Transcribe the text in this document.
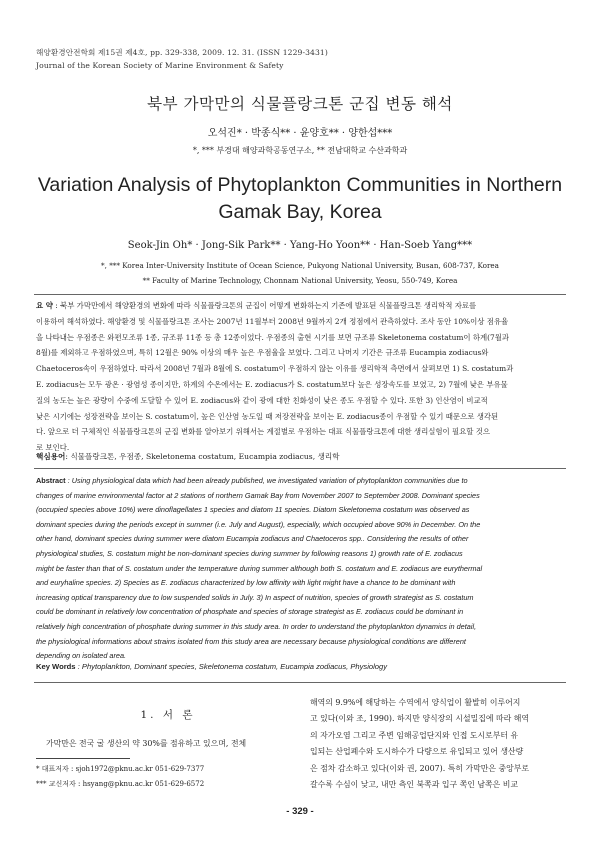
해양환경안전학회 제15권 제4호, pp. 329-338, 2009. 12. 31. (ISSN 1229-3431)
Journal of the Korean Society of Marine Environment & Safety
북부 가막만의 식물플랑크톤 군집 변동 해석
오석진* · 박종식** · 윤양호** · 양한섭***
*, *** 부경대 해양과학공동연구소, ** 전남대학교 수산과학과
Variation Analysis of Phytoplankton Communities in Northern
Gamak Bay, Korea
Seok-Jin Oh* · Jong-Sik Park** · Yang-Ho Yoon** · Han-Soeb Yang***
*, *** Korea Inter-University Institute of Ocean Science, Pukyong National University, Busan, 608-737, Korea
** Faculty of Marine Technology, Chonnam National University, Yeosu, 550-749, Korea
요 약 : 북부 가막만에서 해양환경의 변화에 따라 식물플랑크톤의 군집이 어떻게 변화하는지 기존에 발표된 식물플랑크톤 생리학적 자료를
이용하여 해석하였다. 해양환경 및 식물플랑크톤 조사는 2007년 11월부터 2008년 9월까지 2개 정점에서 관측하였다. 조사 동안 10%이상 점유율
을 나타내는 우점종은 와편모조류 1종, 규조류 11종 등 총 12종이었다. 우점종의 출현 시기를 보면 규조류 Skeletonema costatum이 하계(7월과
8월)를 제외하고 우점하였으며, 특히 12월은 90% 이상의 매우 높은 우점율을 보였다. 그리고 나머지 기간은 규조류 Eucampia zodiacus와
Chaetoceros속이 우점하였다. 따라서 2008년 7월과 8월에 S. costatum이 우점하지 않는 이유를 생리학적 측면에서 살펴보면 1) S. costatum과
E. zodiacus는 모두 광온 · 광염성 종이지만, 하계의 수온에서는 E. zodiacus가 S. costatum보다 높은 성장속도를 보였고, 2) 7월에 낮은 부유물
질의 농도는 높은 광량이 수중에 도달할 수 있어 E. zodiacus와 같이 광에 대한 친화성이 낮은 종도 우점할 수 있다. 또한 3) 인산염이 비교적
낮은 시기에는 성장전략을 보이는 S. costatum이, 높은 인산염 농도일 때 저장전략을 보이는 E. zodiacus종이 우점할 수 있기 때문으로 생각된
다. 앞으로 더 구체적인 식물플랑크톤의 군집 변화를 알아보기 위해서는 계절별로 우점하는 대표 식물플랑크톤에 대한 생리실험이 필요할 것으
로 보인다.
핵심용어: 식물플랑크톤, 우점종, Skeletonema costatum, Eucampia zodiacus, 생리학
Abstract : Using physiological data which had been already published, we investigated variation of phytoplankton communities due to
changes of marine environmental factor at 2 stations of northern Gamak Bay from November 2007 to September 2008. Dominant species
(occupied species above 10%) were dinoflagellates 1 species and diatom 11 species. Diatom Skeletonema costatum was observed as
dominant species during the periods except in summer (i.e. July and August), especially, which occupied above 90% in December. On the
other hand, dominant species during summer were diatom Eucampia zodiacus and Chaetoceros spp.. Considering the results of other
physiological studies, S. costatum might be non-dominant species during summer by following reasons 1) growth rate of E. zodiacus
might be faster than that of S. costatum under the temperature during summer although both S. costatum and E. zodiacus are eurythermal
and euryhaline species. 2) Species as E. zodiacus characterized by low affinity with light might have a chance to be dominant with
increasing optical transparency due to low suspended solids in July. 3) In aspect of nutrition, species of growth strategist as S. costatum
could be dominant in relatively low concentration of phosphate and species of storage strategist as E. zodiacus could be dominant in
relatively high concentration of phosphate during summer in this study area. In order to understand the phytoplankton dynamics in detail,
the physiological informations about strains isolated from this study area are necessary because physiological conditions are different
depending on isolated area.
Key Words : Phytoplankton, Dominant species, Skeletonema costatum, Eucampia zodiacus, Physiology
1. 서 론
가막만은 전국 굴 생산의 약 30%를 점유하고 있으며, 전체
* 대표저자 : sjoh1972@pknu.ac.kr 051-629-7377
*** 교신저자 : hsyang@pknu.ac.kr 051-629-6572
해역의 9.9%에 해당하는 수역에서 양식업이 활발히 이루어지
고 있다(이와 조, 1990). 하지만 양식장의 시설밀집에 따라 해역
의 자가오염 그리고 주변 임해공업단지와 인접 도시로부터 유
입되는 산업폐수와 도시하수가 다량으로 유입되고 있어 생산량
은 점차 감소하고 있다(이와 권, 2007). 특히 가막만은 중앙부로
갈수록 수심이 낮고, 내만 측인 북쪽과 입구 쪽인 남쪽은 비교
- 329 -
